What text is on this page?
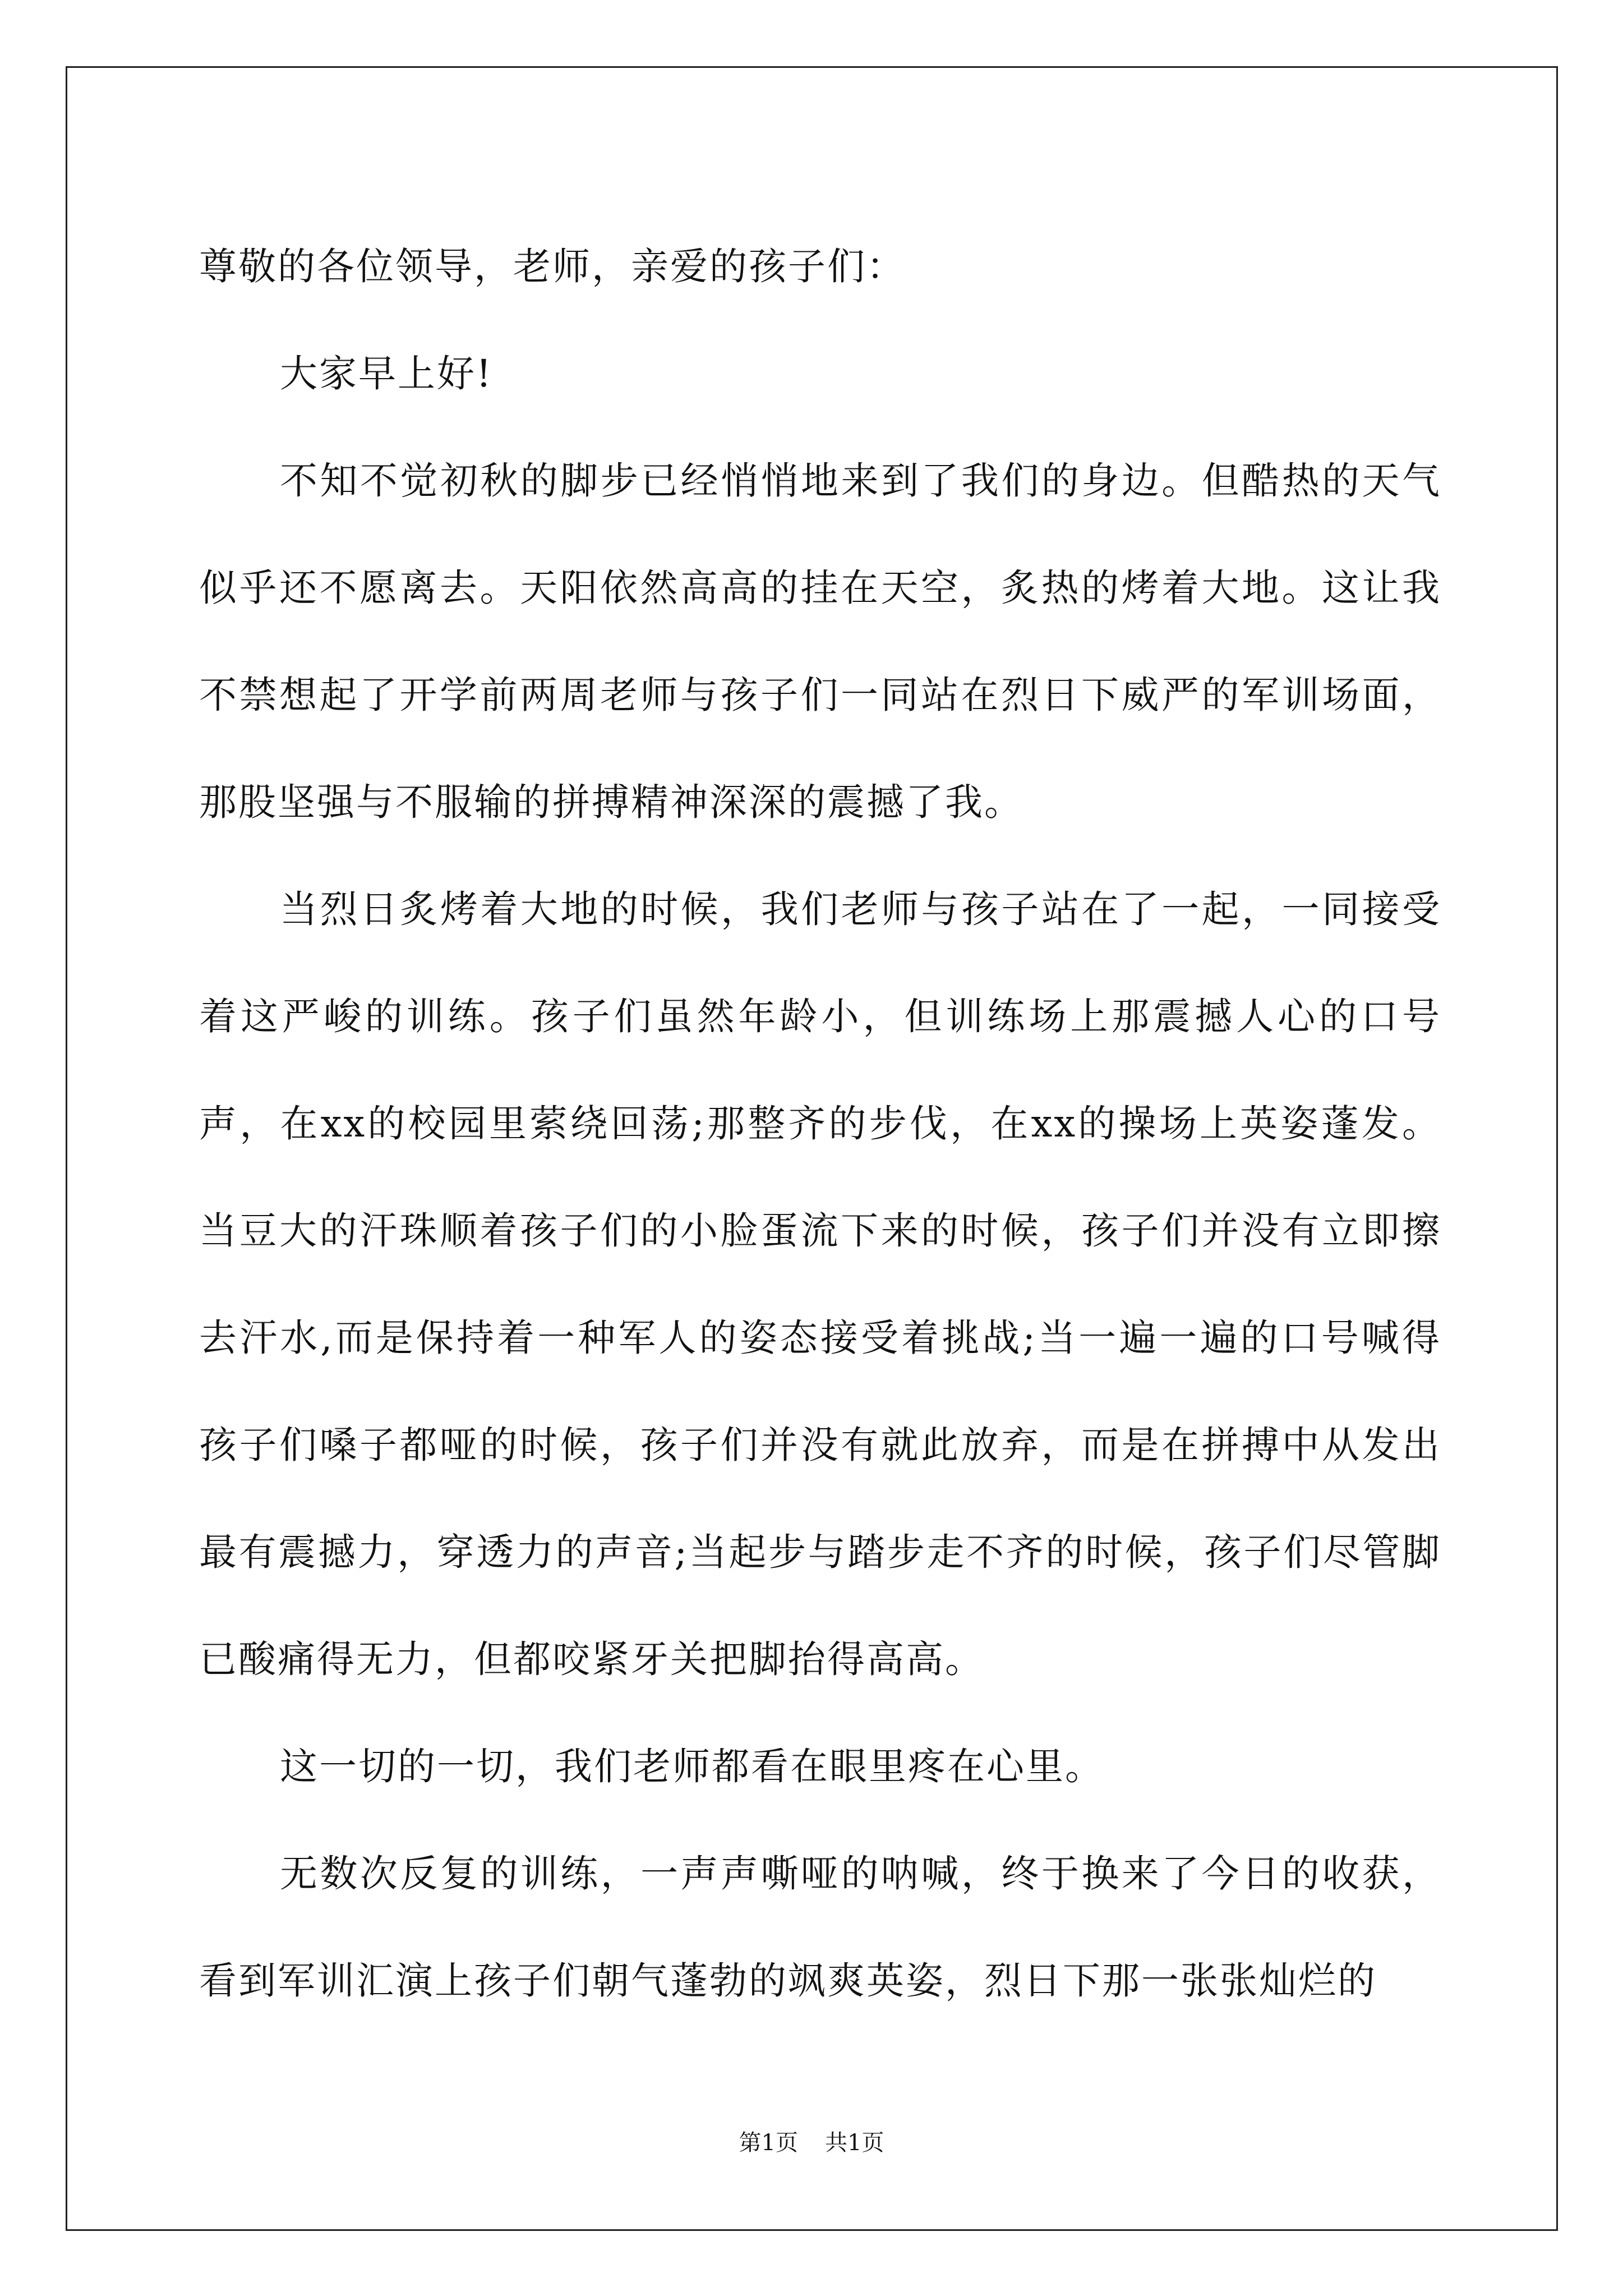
尊敬的各位领导，老师，亲爱的孩子们：

大家早上好!

不知不觉初秋的脚步已经悄悄地来到了我们的身边。但酷热的天气似乎还不愿离去。天阳依然高高的挂在天空，炙热的烤着大地。这让我不禁想起了开学前两周老师与孩子们一同站在烈日下威严的军训场面，那股坚强与不服输的拼搏精神深深的震撼了我。

当烈日炙烤着大地的时候，我们老师与孩子站在了一起，一同接受着这严峻的训练。孩子们虽然年龄小，但训练场上那震撼人心的口号声，在xx的校园里萦绕回荡;那整齐的步伐，在xx的操场上英姿蓬发。当豆大的汗珠顺着孩子们的小脸蛋流下来的时候，孩子们并没有立即擦去汗水,而是保持着一种军人的姿态接受着挑战;当一遍一遍的口号喊得孩子们嗓子都哑的时候，孩子们并没有就此放弃，而是在拼搏中从发出最有震撼力，穿透力的声音;当起步与踏步走不齐的时候，孩子们尽管脚已酸痛得无力，但都咬紧牙关把脚抬得高高。

这一切的一切，我们老师都看在眼里疼在心里。

无数次反复的训练，一声声嘶哑的呐喊，终于换来了今日的收获，看到军训汇演上孩子们朝气蓬勃的飒爽英姿，烈日下那一张张灿烂的

第1页 共1页
